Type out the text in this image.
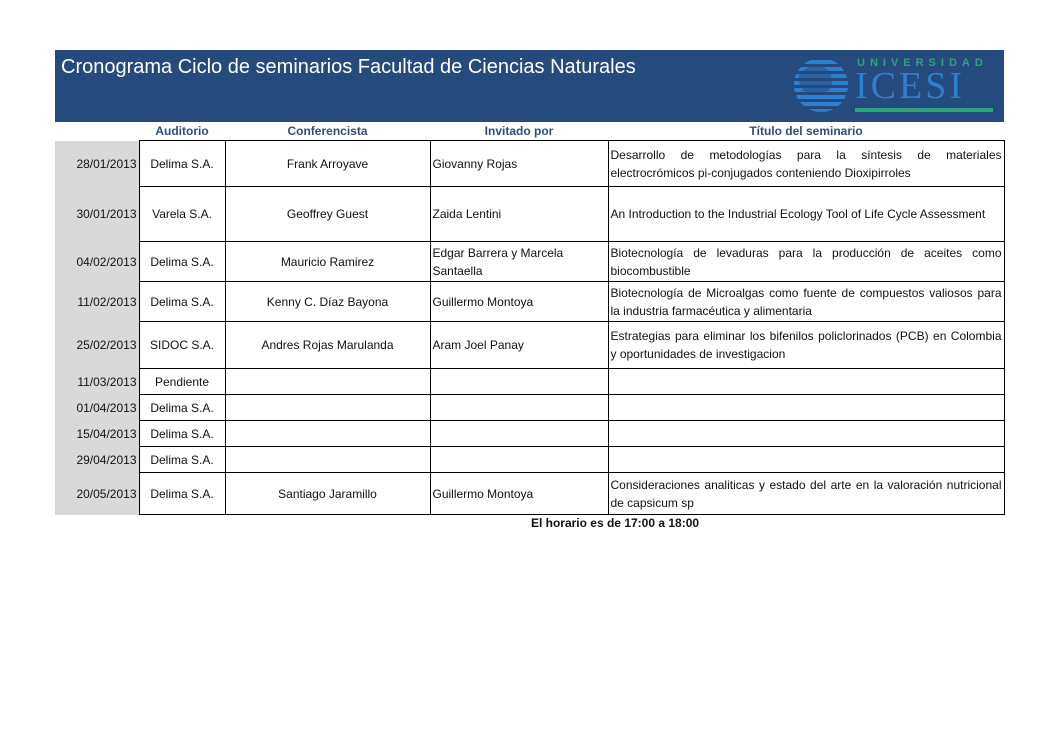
Cronograma Ciclo de seminarios Facultad de Ciencias Naturales	UNIVERSIDAD
ICESI
	Auditorio	Conferencista	Invitado por	Título del seminario
28/01/2013	Delima S.A.	Frank Arroyave	Giovanny Rojas	Desarrollo de metodologías para la síntesis de materiales electrocrómicos pi-conjugados conteniendo Dioxipirroles
30/01/2013	Varela S.A.	Geoffrey Guest	Zaida Lentini	An Introduction to the Industrial Ecology Tool of Life Cycle Assessment
04/02/2013	Delima S.A.	Mauricio Ramirez	Edgar Barrera y Marcela Santaella	Biotecnología de levaduras para la producción de aceites como biocombustible
11/02/2013	Delima S.A.	Kenny C. Díaz Bayona	Guillermo Montoya	Biotecnología de Microalgas como fuente de compuestos valiosos para la industria farmacéutica y alimentaria
25/02/2013	SIDOC S.A.	Andres Rojas Marulanda	Aram Joel Panay	Estrategias para eliminar los bifenilos policlorinados (PCB) en Colombia y oportunidades de investigacion
11/03/2013	Pendiente			
01/04/2013	Delima S.A.			
15/04/2013	Delima S.A.			
29/04/2013	Delima S.A.			
20/05/2013	Delima S.A.	Santiago Jaramillo	Guillermo Montoya	Consideraciones analiticas y estado del arte en la valoración nutricional de capsicum sp
El horario es de 17:00 a 18:00
